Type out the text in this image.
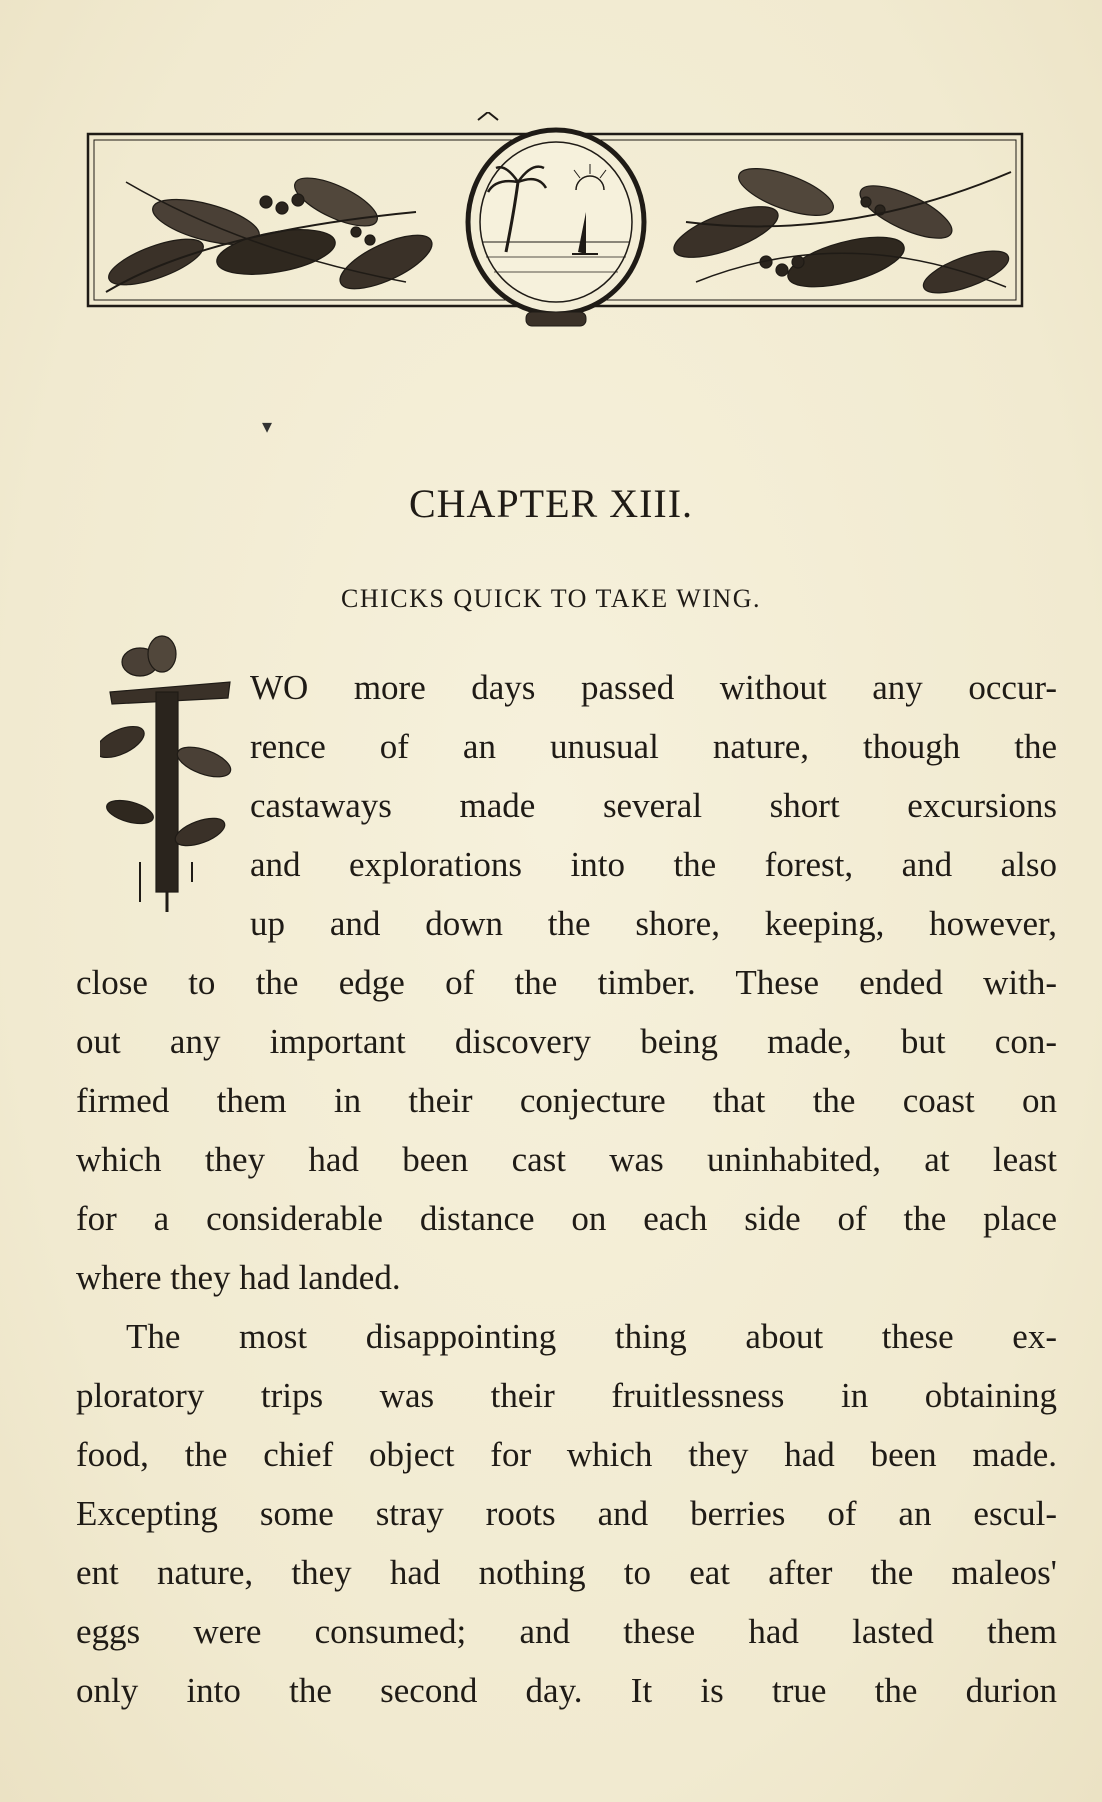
▾
CHAPTER XIII.
CHICKS QUICK TO TAKE WING.
WO more days passed without any occur-
rence of an unusual nature, though the
castaways made several short excursions
and explorations into the forest, and also
up and down the shore, keeping, however,
close to the edge of the timber. These ended with-
out any important discovery being made, but con-
firmed them in their conjecture that the coast on
which they had been cast was uninhabited, at least
for a considerable distance on each side of the place
where they had landed.
The most disappointing thing about these ex-
ploratory trips was their fruitlessness in obtaining
food, the chief object for which they had been made.
Excepting some stray roots and berries of an escul-
ent nature, they had nothing to eat after the maleos'
eggs were consumed; and these had lasted them
only into the second day. It is true the durion
